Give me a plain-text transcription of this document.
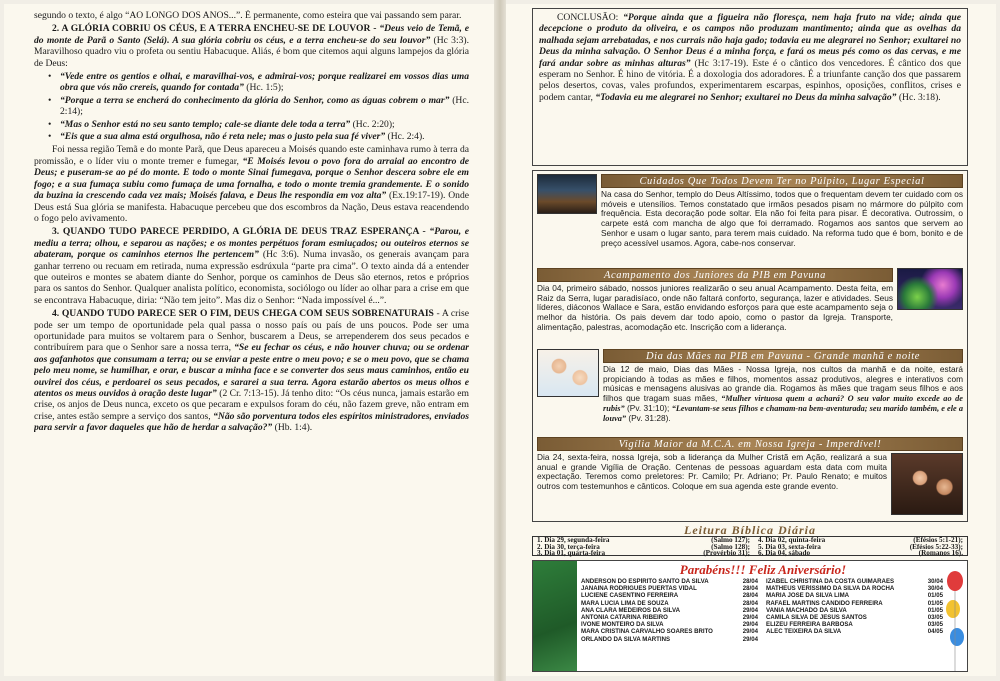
segundo o texto, é algo “AO LONGO DOS ANOS...”. É permanente, como esteira que vai passando sem parar.

2. A GLÓRIA COBRIU OS CÉUS, E A TERRA ENCHEU-SE DE LOUVOR - “Deus veio de Temã, e do monte de Parã o Santo (Selá). A sua glória cobriu os céus, e a terra encheu-se do seu louvor” (Hc 3:3). Maravilhoso quadro viu o profeta ou sentiu Habacuque. Aliás, é bom que citemos aqui alguns lampejos da glória de Deus:

• “Vede entre os gentios e olhai, e maravilhai-vos, e admirai-vos; porque realizarei em vossos dias uma obra que vós não crereis, quando for contada” (Hc. 1:5);
• “Porque a terra se encherá do conhecimento da glória do Senhor, como as águas cobrem o mar” (Hc. 2:14);
• “Mas o Senhor está no seu santo templo; cale-se diante dele toda a terra” (Hc. 2:20);
• “Eis que a sua alma está orgulhosa, não é reta nele; mas o justo pela sua fé viver” (Hc. 2:4).

Foi nessa região Temã e do monte Parã, que Deus apareceu a Moisés quando este caminhava rumo à terra da promissão, e o líder viu o monte tremer e fumegar, “E Moisés levou o povo fora do arraial ao encontro de Deus; e puseram-se ao pé do monte. E todo o monte Sinai fumegava, porque o Senhor descera sobre ele em fogo; e a sua fumaça subiu como fumaça de uma fornalha, e todo o monte tremia grandemente. E o sonido da buzina ia crescendo cada vez mais; Moisés falava, e Deus lhe respondia em voz alta” (Ex.19:17-19). Onde Deus está Sua glória se manifesta. Habacuque percebeu que dos escombros da Nação, Deus estava reacendendo o fogo pelo avivamento.

3. QUANDO TUDO PARECE PERDIDO, A GLÓRIA DE DEUS TRAZ ESPERANÇA - “Parou, e mediu a terra; olhou, e separou as nações; e os montes perpétuos foram esmiuçados; ou outeiros eternos se abateram, porque os caminhos eternos lhe pertencem” (Hc 3:6). Numa invasão, os generais avançam para ganhar terreno ou recuam em retirada, numa expressão esdrúxula “parte pra cima”. O texto ainda dá a entender que outeiros e montes se abatem diante do Senhor, porque os caminhos de Deus são eternos, retos e próprios para os santos do Senhor. Qualquer analista político, economista, sociólogo ou líder ao olhar para a crise em que se encontrava Habacuque, diria: “Não tem jeito”. Mas diz o Senhor: “Nada impossível é...”.

4. QUANDO TUDO PARECE SER O FIM, DEUS CHEGA COM SEUS SOBRENATURAIS - A crise pode ser um tempo de oportunidade pela qual passa o nosso país ou país de uns poucos. Pode ser uma oportunidade para muitos se voltarem para o Senhor, buscarem a Deus, se arrependerem dos seus pecados e contribuírem para que o Senhor sare a nossa terra, “Se eu fechar os céus, e não houver chuva; ou se ordenar aos gafanhotos que consumam a terra; ou se enviar a peste entre o meu povo; e se o meu povo, que se chama pelo meu nome, se humilhar, e orar, e buscar a minha face e se converter dos seus maus caminhos, então eu ouvirei dos céus, e perdoarei os seus pecados, e sararei a sua terra. Agora estarão abertos os meus olhos e atentos os meus ouvidos à oração deste lugar” (2 Cr. 7:13-15). Já tenho dito: “Os céus nunca, jamais estarão em crise, os anjos de Deus nunca, exceto os que pecaram e expulsos foram do céu, não fazem greve, não entram em crise, antes estão sempre a serviço dos santos, “Não são porventura todos eles espíritos ministradores, enviados para servir a favor daqueles que hão de herdar a salvação?” (Hb. 1:4).

CONCLUSÃO: “Porque ainda que a figueira não floresça, nem haja fruto na vide; ainda que decepcione o produto da oliveira, e os campos não produzam mantimento; ainda que as ovelhas da malhada sejam arrebatadas, e nos currais não haja gado; todavia eu me alegrarei no Senhor; exultarei no Deus da minha salvação. O Senhor Deus é a minha força, e fará os meus pés como os das cervas, e me fará andar sobre as minhas alturas” (Hc 3:17-19). Este é o cântico dos vencedores. É cântico dos que esperam no Senhor. É hino de vitória. É a doxologia dos adoradores. É a triunfante canção dos que passarem pelos desertos, covas, vales profundos, experimentarem escarpas, espinhos, oposições, conflitos, crises e podem cantar, “Todavia eu me alegrarei no Senhor; exultarei no Deus da minha salvação” (Hc. 3:18).

Cuidados Que Todos Devem Ter no Púlpito, Lugar Especial
Na casa do Senhor, templo do Deus Altíssimo, todos que o frequentam devem ter cuidado com os móveis e utensílios. Temos constatado que irmãos pesados pisam no mármore do púlpito com frequência. Esta decoração pode soltar. Ela não foi feita para pisar. É decorativa. Outrossim, o carpete está com mancha de algo que foi derramado. Rogamos aos santos que servem ao Senhor e usam o lugar santo, para terem mais cuidado. Na reforma tudo que é bom, bonito e de preço acessível usamos. Agora, cabe-nos conservar.
Acampamento dos Juniores da PIB em Pavuna
Dia 04, primeiro sábado, nossos juniores realizarão o seu anual Acampamento. Desta feita, em Raiz da Serra, lugar paradisíaco, onde não faltará conforto, segurança, lazer e atividades. Seus líderes, diáconos Wallace e Sara, estão envidando esforços para que este acampamento seja o melhor da história. Os pais devem dar todo apoio, como o pastor da Igreja. Transporte, alimentação, palestras, acomodação etc. Inscrição com a liderança.
Dia das Mães na PIB em Pavuna - Grande manhã e noite
Dia 12 de maio, Dias das Mães - Nossa Igreja, nos cultos da manhã e da noite, estará propiciando à todas as mães e filhos, momentos assaz produtivos, alegres e interativos com músicas e mensagens alusivas ao grande dia. Rogamos às mães que tragam seus filhos e aos filhos que tragam suas mães, “Mulher virtuosa quem a achará? O seu valor muito excede ao de rubis” (Pv. 31:10); “Levantam-se seus filhos e chamam-na bem-aventurada; seu marido também, e ele a louva” (Pv. 31:28).
Vigília Maior da M.C.A. em Nossa Igreja - Imperdível!
Dia 24, sexta-feira, nossa Igreja, sob a liderança da Mulher Cristã em Ação, realizará a sua anual e grande Vigília de Oração. Centenas de pessoas aguardam esta data com muita expectação. Teremos como preletores: Pr. Camilo; Pr. Adriano; Pr. Paulo Renato; e muitos outros com testemunhos e cânticos. Coloque em sua agenda este grande evento.
Leitura Bíblica Diária
1. Dia 29, segunda-feira	(Salmo 127); 4. Dia 02, quinta-feira	(Efésios 5:1-21);
2. Dia 30, terça-feira	(Salmo 128); 5. Dia 03, sexta-feira	(Efésios 5:22-33);
3. Dia 01, quarta-feira	(Provérbio 31); 6. Dia 04, sábado	(Romanos 16).
Parabéns!!! Feliz Aniversário!
ANDERSON DO ESPÍRITO SANTO DA SILVA	28/04
JANAINA RODRIGUES PUERTAS VIDAL	28/04
LUCIENE CASENTINO FERREIRA	28/04
MARA LUCIA LIMA DE SOUZA	28/04
ANA CLARA MEDEIROS DA SILVA	29/04
ANTONIA CATARINA RIBEIRO	29/04
IVONE MONTEIRO DA SILVA	29/04
MARA CRISTINA CARVALHO SOARES BRITO	29/04
ORLANDO DA SILVA MARTINS	29/04
IZABEL CHRISTINA DA COSTA GUIMARÃES	30/04
MATHEUS VERÍSSIMO DA SILVA DA ROCHA	30/04
MARIA JOSE DA SILVA LIMA	01/05
RAFAEL MARTINS CÂNDIDO FERREIRA	01/05
VANIA MACHADO DA SILVA	01/05
CAMILA SILVA DE JESUS SANTOS	03/05
ELIZEU FERREIRA BARBOSA	03/05
ALEC TEIXEIRA DA SILVA	04/05
